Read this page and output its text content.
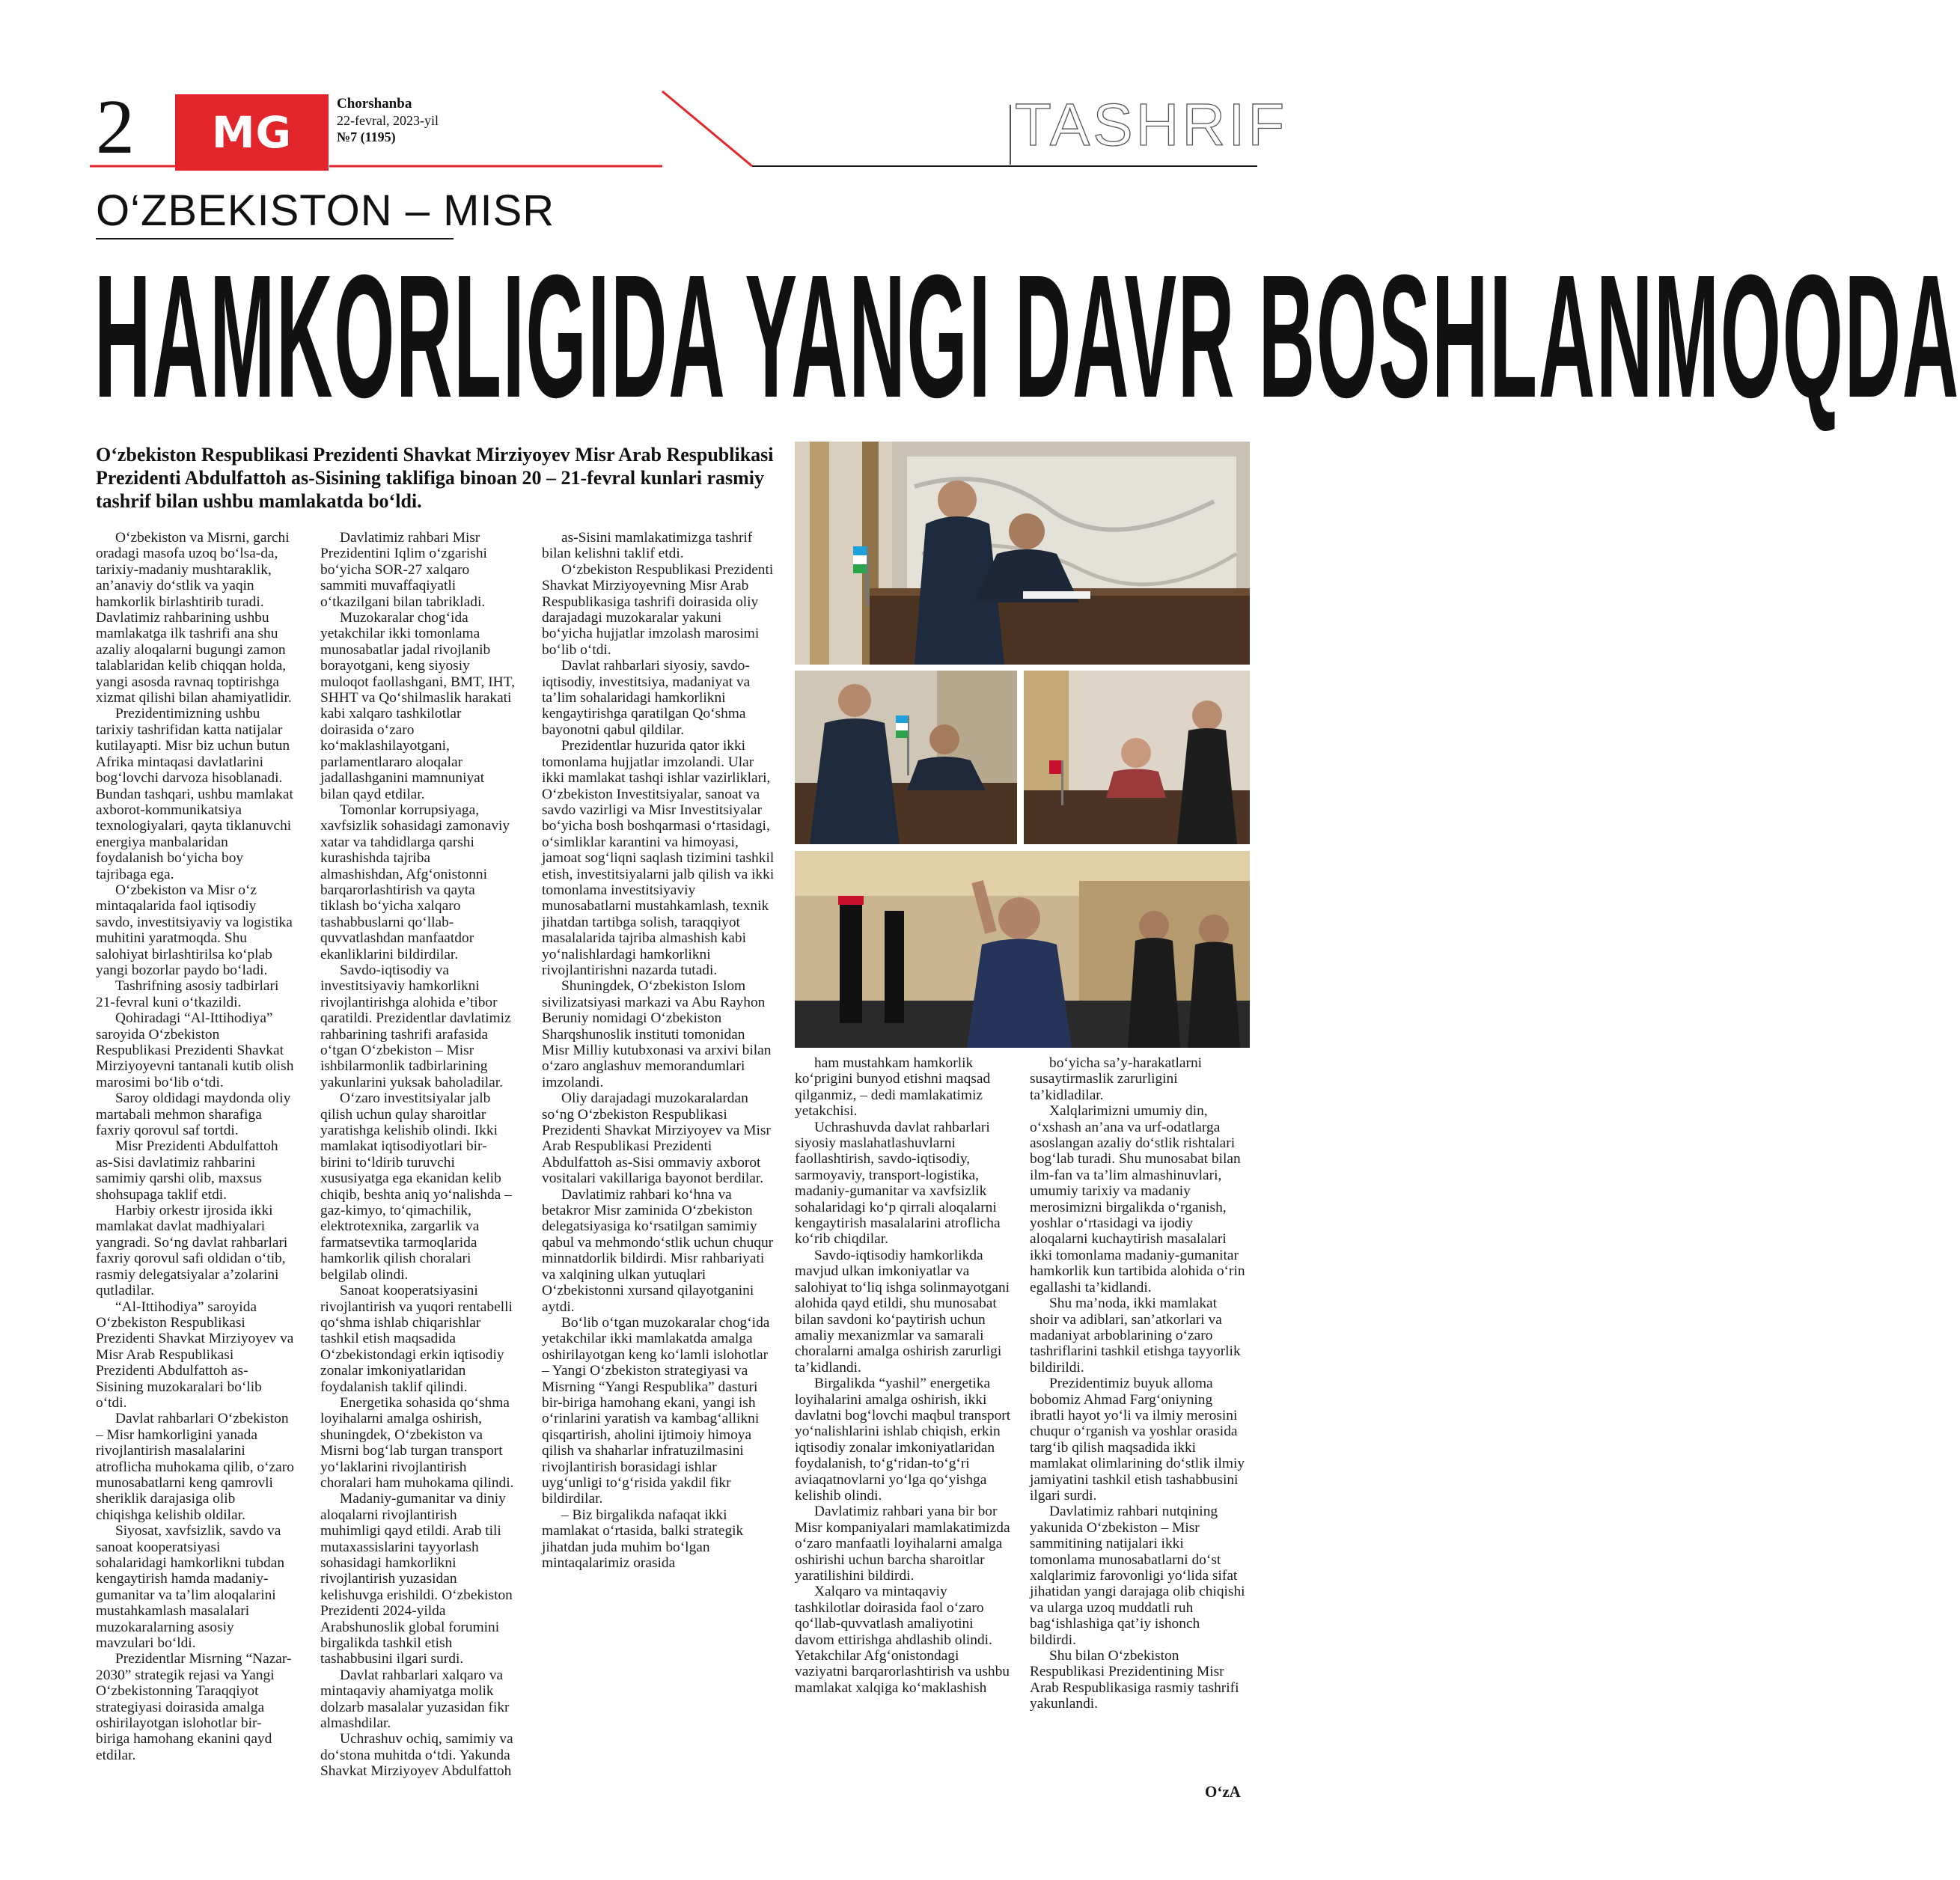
2	MG
Chorshanba
22-fevral, 2023-yil
№7 (1195)	TASHRIF
O‘ZBEKISTON – MISR
HAMKORLIGIDA YANGI DAVR BOSHLANMOQDA
O‘zbekiston Respublikasi Prezidenti Shavkat Mirziyoyev Misr Arab Respublikasi Prezidenti Abdulfattoh as-Sisining taklifiga binoan 20 – 21-fevral kunlari rasmiy tashrif bilan ushbu mamlakatda bo‘ldi.

O‘zbekiston va Misrni, garchi oradagi masofa uzoq bo‘lsa-da, tarixiy-madaniy mushtaraklik, an’anaviy do‘stlik va yaqin hamkorlik birlashtirib turadi. Davlatimiz rahbarining ushbu mamlakatga ilk tashrifi ana shu azaliy aloqalarni bugungi zamon talablaridan kelib chiqqan holda, yangi asosda ravnaq toptirishga xizmat qilishi bilan ahamiyatlidir.

Prezidentimizning ushbu tarixiy tashrifidan katta natijalar kutilayapti. Misr biz uchun butun Afrika mintaqasi davlatlarini bog‘lovchi darvoza hisoblanadi. Bundan tashqari, ushbu mamlakat axborot-kommunikatsiya texnologiyalari, qayta tiklanuvchi energiya manbalaridan foydalanish bo‘yicha boy tajribaga ega.

O‘zbekiston va Misr o‘z mintaqalarida faol iqtisodiy savdo, investitsiyaviy va logistika muhitini yaratmoqda. Shu salohiyat birlashtirilsa ko‘plab yangi bozorlar paydo bo‘ladi.

Tashrifning asosiy tadbirlari 21-fevral kuni o‘tkazildi.

Qohiradagi “Al-Ittihodiya” saroyida O‘zbekiston Respublikasi Prezidenti Shavkat Mirziyoyevni tantanali kutib olish marosimi bo‘lib o‘tdi.

Saroy oldidagi maydonda oliy martabali mehmon sharafiga faxriy qorovul saf tortdi.

Misr Prezidenti Abdulfattoh as-Sisi davlatimiz rahbarini samimiy qarshi olib, maxsus shohsupaga taklif etdi.

Harbiy orkestr ijrosida ikki mamlakat davlat madhiyalari yangradi. So‘ng davlat rahbarlari faxriy qorovul safi oldidan o‘tib, rasmiy delegatsiyalar a’zolarini qutladilar.

“Al-Ittihodiya” saroyida O‘zbekiston Respublikasi Prezidenti Shavkat Mirziyoyev va Misr Arab Respublikasi Prezidenti Abdulfattoh as-Sisining muzokaralari bo‘lib o‘tdi.

Davlat rahbarlari O‘zbekiston – Misr hamkorligini yanada rivojlantirish masalalarini atroflicha muhokama qilib, o‘zaro munosabatlarni keng qamrovli sheriklik darajasiga olib chiqishga kelishib oldilar.

Siyosat, xavfsizlik, savdo va sanoat kooperatsiyasi sohalaridagi hamkorlikni tubdan kengaytirish hamda madaniy-gumanitar va ta’lim aloqalarini mustahkamlash masalalari muzokaralarning asosiy mavzulari bo‘ldi.

Prezidentlar Misrning “Nazar-2030” strategik rejasi va Yangi O‘zbekistonning Taraqqiyot strategiyasi doirasida amalga oshirilayotgan islohotlar bir-biriga hamohang ekanini qayd etdilar.

Davlatimiz rahbari Misr Prezidentini Iqlim o‘zgarishi bo‘yicha SOR-27 xalqaro sammiti muvaffaqiyatli o‘tkazilgani bilan tabrikladi.

Muzokaralar chog‘ida yetakchilar ikki tomonlama munosabatlar jadal rivojlanib borayotgani, keng siyosiy muloqot faollashgani, BMT, IHT, SHHT va Qo‘shilmaslik harakati kabi xalqaro tashkilotlar doirasida o‘zaro ko‘maklashilayotgani, parlamentlararo aloqalar jadallashganini mamnuniyat bilan qayd etdilar.

Tomonlar korrupsiyaga, xavfsizlik sohasidagi zamonaviy xatar va tahdidlarga qarshi kurashishda tajriba almashishdan, Afg‘onistonni barqarorlashtirish va qayta tiklash bo‘yicha xalqaro tashabbuslarni qo‘llab-quvvatlashdan manfaatdor ekanliklarini bildirdilar.

Savdo-iqtisodiy va investitsiyaviy hamkorlikni rivojlantirishga alohida e’tibor qaratildi. Prezidentlar davlatimiz rahbarining tashrifi arafasida o‘tgan O‘zbekiston – Misr ishbilarmonlik tadbirlarining yakunlarini yuksak baholadilar.

O‘zaro investitsiyalar jalb qilish uchun qulay sharoitlar yaratishga kelishib olindi. Ikki mamlakat iqtisodiyotlari bir-birini to‘ldirib turuvchi xususiyatga ega ekanidan kelib chiqib, beshta aniq yo‘nalishda – gaz-kimyo, to‘qimachilik, elektrotexnika, zargarlik va farmatsevtika tarmoqlarida hamkorlik qilish choralari belgilab olindi.

Sanoat kooperatsiyasini rivojlantirish va yuqori rentabelli qo‘shma ishlab chiqarishlar tashkil etish maqsadida O‘zbekistondagi erkin iqtisodiy zonalar imkoniyatlaridan foydalanish taklif qilindi.

Energetika sohasida qo‘shma loyihalarni amalga oshirish, shuningdek, O‘zbekiston va Misrni bog‘lab turgan transport yo‘laklarini rivojlantirish choralari ham muhokama qilindi.

Madaniy-gumanitar va diniy aloqalarni rivojlantirish muhimligi qayd etildi. Arab tili mutaxassislarini tayyorlash sohasidagi hamkorlikni rivojlantirish yuzasidan kelishuvga erishildi. O‘zbekiston Prezidenti 2024-yilda Arabshunoslik global forumini birgalikda tashkil etish tashabbusini ilgari surdi.

Davlat rahbarlari xalqaro va mintaqaviy ahamiyatga molik dolzarb masalalar yuzasidan fikr almashdilar.

Uchrashuv ochiq, samimiy va do‘stona muhitda o‘tdi. Yakunda Shavkat Mirziyoyev Abdulfattoh

as-Sisini mamlakatimizga tashrif bilan kelishni taklif etdi.

O‘zbekiston Respublikasi Prezidenti Shavkat Mirziyoyevning Misr Arab Respublikasiga tashrifi doirasida oliy darajadagi muzokaralar yakuni bo‘yicha hujjatlar imzolash marosimi bo‘lib o‘tdi.

Davlat rahbarlari siyosiy, savdo-iqtisodiy, investitsiya, madaniyat va ta’lim sohalaridagi hamkorlikni kengaytirishga qaratilgan Qo‘shma bayonotni qabul qildilar.

Prezidentlar huzurida qator ikki tomonlama hujjatlar imzolandi. Ular ikki mamlakat tashqi ishlar vazirliklari, O‘zbekiston Investitsiyalar, sanoat va savdo vazirligi va Misr Investitsiyalar bo‘yicha bosh boshqarmasi o‘rtasidagi, o‘simliklar karantini va himoyasi, jamoat sog‘liqni saqlash tizimini tashkil etish, investitsiyalarni jalb qilish va ikki tomonlama investitsiyaviy munosabatlarni mustahkamlash, texnik jihatdan tartibga solish, taraqqiyot masalalarida tajriba almashish kabi yo‘nalishlardagi hamkorlikni rivojlantirishni nazarda tutadi.

Shuningdek, O‘zbekiston Islom sivilizatsiyasi markazi va Abu Rayhon Beruniy nomidagi O‘zbekiston Sharqshunoslik instituti tomonidan Misr Milliy kutubxonasi va arxivi bilan o‘zaro anglashuv memorandumlari imzolandi.

Oliy darajadagi muzokaralardan so‘ng O‘zbekiston Respublikasi Prezidenti Shavkat Mirziyoyev va Misr Arab Respublikasi Prezidenti Abdulfattoh as-Sisi ommaviy axborot vositalari vakillariga bayonot berdilar.

Davlatimiz rahbari ko‘hna va betakror Misr zaminida O‘zbekiston delegatsiyasiga ko‘rsatilgan samimiy qabul va mehmondo‘stlik uchun chuqur minnatdorlik bildirdi. Misr rahbariyati va xalqining ulkan yutuqlari O‘zbekistonni xursand qilayotganini aytdi.

Bo‘lib o‘tgan muzokaralar chog‘ida yetakchilar ikki mamlakatda amalga oshirilayotgan keng ko‘lamli islohotlar – Yangi O‘zbekiston strategiyasi va Misrning “Yangi Respublika” dasturi bir-biriga hamohang ekani, yangi ish o‘rinlarini yaratish va kambag‘allikni qisqartirish, aholini ijtimoiy himoya qilish va shaharlar infratuzilmasini rivojlantirish borasidagi ishlar uyg‘unligi to‘g‘risida yakdil fikr bildirdilar.

– Biz birgalikda nafaqat ikki mamlakat o‘rtasida, balki strategik jihatdan juda muhim bo‘lgan mintaqalarimiz orasida

ham mustahkam hamkorlik ko‘prigini bunyod etishni maqsad qilganmiz, – dedi mamlakatimiz yetakchisi.

Uchrashuvda davlat rahbarlari siyosiy maslahatlashuvlarni faollashtirish, savdo-iqtisodiy, sarmoyaviy, transport-logistika, madaniy-gumanitar va xavfsizlik sohalaridagi ko‘p qirrali aloqalarni kengaytirish masalalarini atroflicha ko‘rib chiqdilar.

Savdo-iqtisodiy hamkorlikda mavjud ulkan imkoniyatlar va salohiyat to‘liq ishga solinmayotgani alohida qayd etildi, shu munosabat bilan savdoni ko‘paytirish uchun amaliy mexanizmlar va samarali choralarni amalga oshirish zarurligi ta’kidlandi.

Birgalikda “yashil” energetika loyihalarini amalga oshirish, ikki davlatni bog‘lovchi maqbul transport yo‘nalishlarini ishlab chiqish, erkin iqtisodiy zonalar imkoniyatlaridan foydalanish, to‘g‘ridan-to‘g‘ri aviaqatnovlarni yo‘lga qo‘yishga kelishib olindi.

Davlatimiz rahbari yana bir bor Misr kompaniyalari mamlakatimizda o‘zaro manfaatli loyihalarni amalga oshirishi uchun barcha sharoitlar yaratilishini bildirdi.

Xalqaro va mintaqaviy tashkilotlar doirasida faol o‘zaro qo‘llab-quvvatlash amaliyotini davom ettirishga ahdlashib olindi. Yetakchilar Afg‘onistondagi vaziyatni barqarorlashtirish va ushbu mamlakat xalqiga ko‘maklashish

bo‘yicha sa’y-harakatlarni susaytirmaslik zarurligini ta’kidladilar.

Xalqlarimizni umumiy din, o‘xshash an’ana va urf-odatlarga asoslangan azaliy do‘stlik rishtalari bog‘lab turadi. Shu munosabat bilan ilm-fan va ta’lim almashinuvlari, umumiy tarixiy va madaniy merosimizni birgalikda o‘rganish, yoshlar o‘rtasidagi va ijodiy aloqalarni kuchaytirish masalalari ikki tomonlama madaniy-gumanitar hamkorlik kun tartibida alohida o‘rin egallashi ta’kidlandi.

Shu ma’noda, ikki mamlakat shoir va adiblari, san’atkorlari va madaniyat arboblarining o‘zaro tashriflarini tashkil etishga tayyorlik bildirildi.

Prezidentimiz buyuk alloma bobomiz Ahmad Farg‘oniyning ibratli hayot yo‘li va ilmiy merosini chuqur o‘rganish va yoshlar orasida targ‘ib qilish maqsadida ikki mamlakat olimlarining do‘stlik ilmiy jamiyatini tashkil etish tashabbusini ilgari surdi.

Davlatimiz rahbari nutqining yakunida O‘zbekiston – Misr sammitining natijalari ikki tomonlama munosabatlarni do‘st xalqlarimiz farovonligi yo‘lida sifat jihatidan yangi darajaga olib chiqishi va ularga uzoq muddatli ruh bag‘ishlashiga qat’iy ishonch bildirdi.

Shu bilan O‘zbekiston Respublikasi Prezidentining Misr Arab Respublikasiga rasmiy tashrifi yakunlandi.

O‘zA
